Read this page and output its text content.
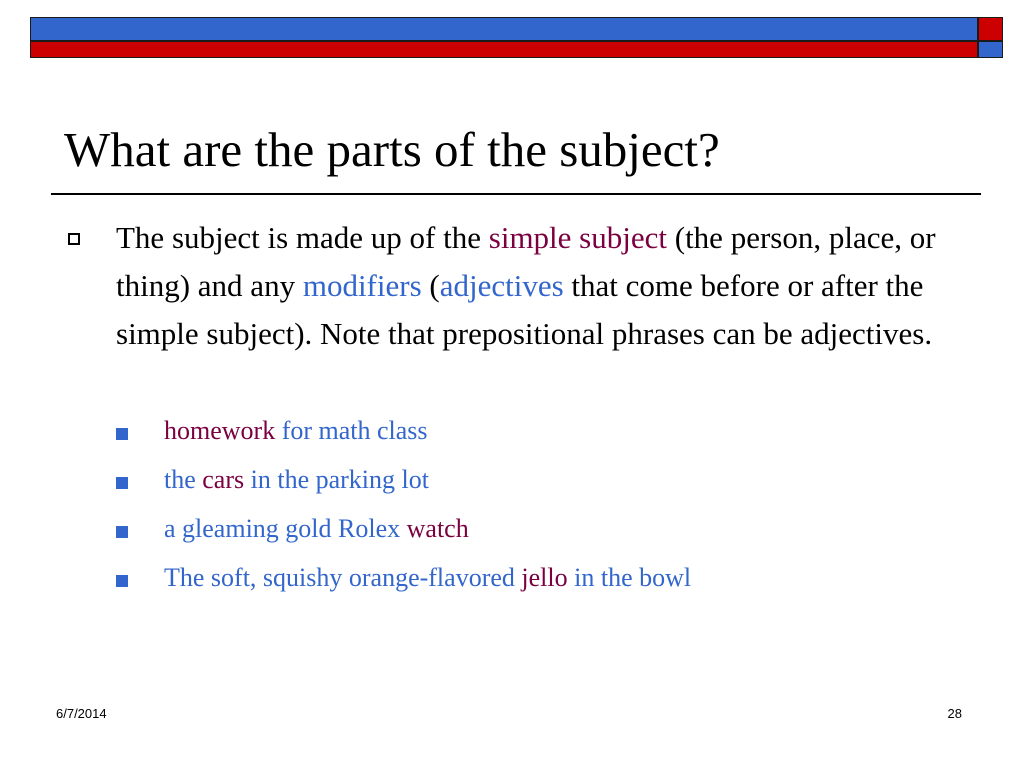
What are the parts of the subject?
The subject is made up of the simple subject (the person, place, or thing) and any modifiers (adjectives that come before or after the simple subject). Note that prepositional phrases can be adjectives.
homework for math class
the cars in the parking lot
a gleaming gold Rolex watch
The soft, squishy orange-flavored jello in the bowl
6/7/2014	28
